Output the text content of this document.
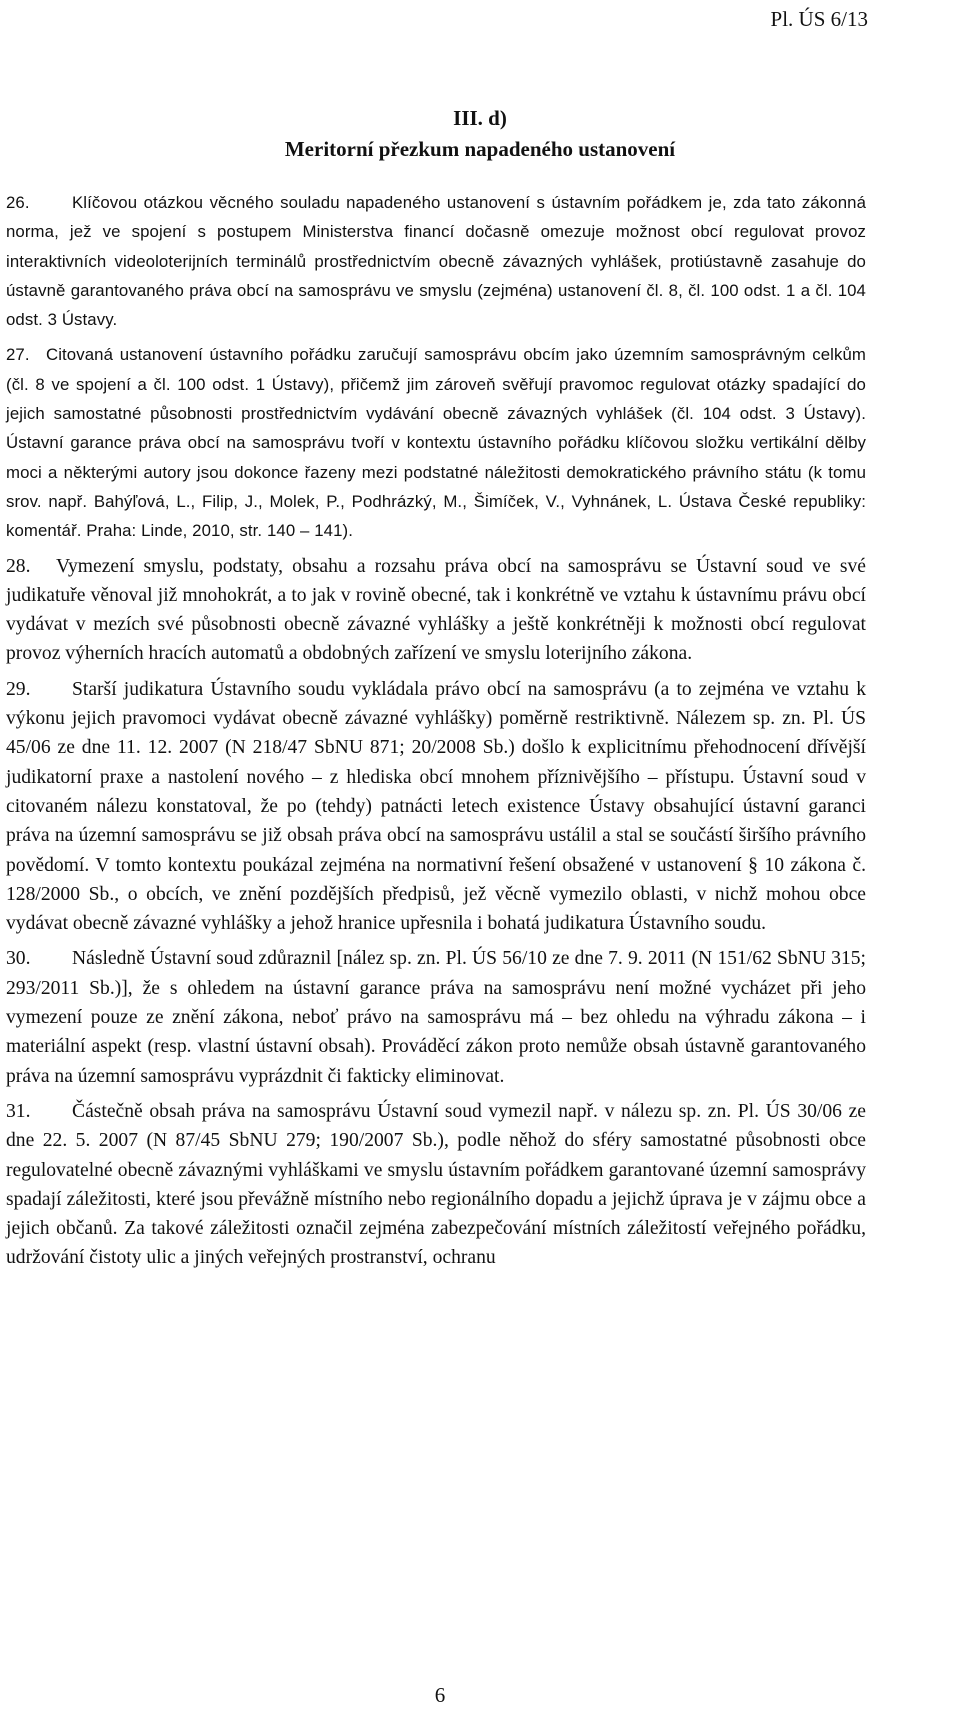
Pl. ÚS 6/13
III. d)
Meritorní přezkum napadeného ustanovení

26.	Klíčovou otázkou věcného souladu napadeného ustanovení s ústavním pořádkem je, zda tato zákonná norma, jež ve spojení s postupem Ministerstva financí dočasně omezuje možnost obcí regulovat provoz interaktivních videoloterijních terminálů prostřednictvím obecně závazných vyhlášek, protiústavně zasahuje do ústavně garantovaného práva obcí na samosprávu ve smyslu (zejména) ustanovení čl. 8, čl. 100 odst. 1 a čl. 104 odst. 3 Ústavy.

27. Citovaná ustanovení ústavního pořádku zaručují samosprávu obcím jako územním samosprávným celkům (čl. 8 ve spojení a čl. 100 odst. 1 Ústavy), přičemž jim zároveň svěřují pravomoc regulovat otázky spadající do jejich samostatné působnosti prostřednictvím vydávání obecně závazných vyhlášek (čl. 104 odst. 3 Ústavy). Ústavní garance práva obcí na samosprávu tvoří v kontextu ústavního pořádku klíčovou složku vertikální dělby moci a některými autory jsou dokonce řazeny mezi podstatné náležitosti demokratického právního státu (k tomu srov. např. Bahýľová, L., Filip, J., Molek, P., Podhrázký, M., Šimíček, V., Vyhnánek, L. Ústava České republiky: komentář. Praha: Linde, 2010, str. 140 – 141).

28. Vymezení smyslu, podstaty, obsahu a rozsahu práva obcí na samosprávu se Ústavní soud ve své judikatuře věnoval již mnohokrát, a to jak v rovině obecné, tak i konkrétně ve vztahu k ústavnímu právu obcí vydávat v mezích své působnosti obecně závazné vyhlášky a ještě konkrétněji k možnosti obcí regulovat provoz výherních hracích automatů a obdobných zařízení ve smyslu loterijního zákona.

29. Starší judikatura Ústavního soudu vykládala právo obcí na samosprávu (a to zejména ve vztahu k výkonu jejich pravomoci vydávat obecně závazné vyhlášky) poměrně restriktivně. Nálezem sp. zn. Pl. ÚS 45/06 ze dne 11. 12. 2007 (N 218/47 SbNU 871; 20/2008 Sb.) došlo k explicitnímu přehodnocení dřívější judikatorní praxe a nastolení nového – z hlediska obcí mnohem příznivějšího – přístupu. Ústavní soud v citovaném nálezu konstatoval, že po (tehdy) patnácti letech existence Ústavy obsahující ústavní garanci práva na územní samosprávu se již obsah práva obcí na samosprávu ustálil a stal se součástí širšího právního povědomí. V tomto kontextu poukázal zejména na normativní řešení obsažené v ustanovení § 10 zákona č. 128/2000 Sb., o obcích, ve znění pozdějších předpisů, jež věcně vymezilo oblasti, v nichž mohou obce vydávat obecně závazné vyhlášky a jehož hranice upřesnila i bohatá judikatura Ústavního soudu.

30. Následně Ústavní soud zdůraznil [nález sp. zn. Pl. ÚS 56/10 ze dne 7. 9. 2011 (N 151/62 SbNU 315; 293/2011 Sb.)], že s ohledem na ústavní garance práva na samosprávu není možné vycházet při jeho vymezení pouze ze znění zákona, neboť právo na samosprávu má – bez ohledu na výhradu zákona – i materiální aspekt (resp. vlastní ústavní obsah). Prováděcí zákon proto nemůže obsah ústavně garantovaného práva na územní samosprávu vyprázdnit či fakticky eliminovat.

31. Částečně obsah práva na samosprávu Ústavní soud vymezil např. v nálezu sp. zn. Pl. ÚS 30/06 ze dne 22. 5. 2007 (N 87/45 SbNU 279; 190/2007 Sb.), podle něhož do sféry samostatné působnosti obce regulovatelné obecně závaznými vyhláškami ve smyslu ústavním pořádkem garantované územní samosprávy spadají záležitosti, které jsou převážně místního nebo regionálního dopadu a jejichž úprava je v zájmu obce a jejich občanů. Za takové záležitosti označil zejména zabezpečování místních záležitostí veřejného pořádku, udržování čistoty ulic a jiných veřejných prostranství, ochranu

6
